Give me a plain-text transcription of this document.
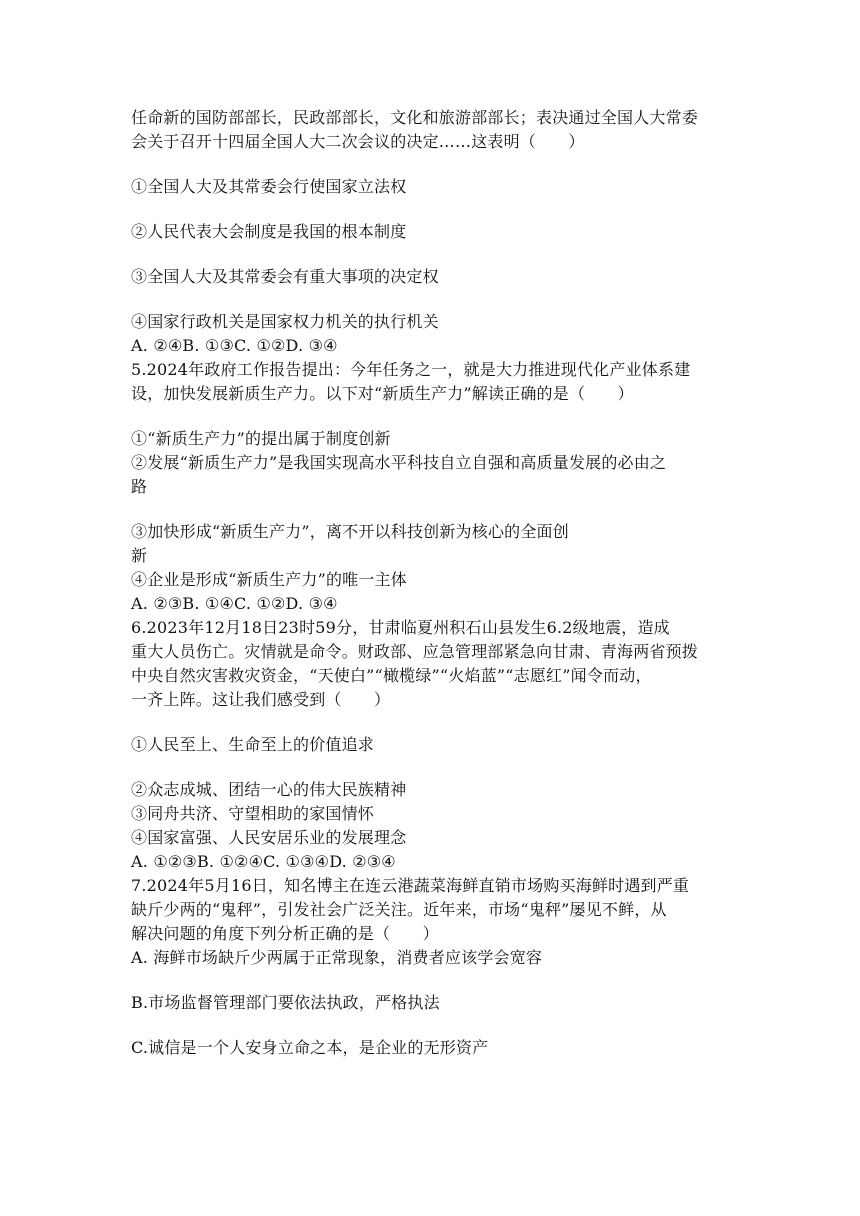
任命新的国防部部长，民政部部长，文化和旅游部部长；表决通过全国人大常委
会关于召开十四届全国人大二次会议的决定……这表明（　　）
①全国人大及其常委会行使国家立法权
②人民代表大会制度是我国的根本制度
③全国人大及其常委会有重大事项的决定权
④国家行政机关是国家权力机关的执行机关
A. ②④B. ①③C. ①②D. ③④
5.2024年政府工作报告提出：今年任务之一，就是大力推进现代化产业体系建
设，加快发展新质生产力。以下对“新质生产力”解读正确的是（　　）
①“新质生产力”的提出属于制度创新
②发展“新质生产力”是我国实现高水平科技自立自强和高质量发展的必由之
路
③加快形成“新质生产力”，离不开以科技创新为核心的全面创
新
④企业是形成“新质生产力”的唯一主体
A. ②③B. ①④C. ①②D. ③④
6.2023年12月18日23时59分，甘肃临夏州积石山县发生6.2级地震，造成
重大人员伤亡。灾情就是命令。财政部、应急管理部紧急向甘肃、青海两省预拨
中央自然灾害救灾资金，“天使白”“橄榄绿”“火焰蓝”“志愿红”闻令而动，
一齐上阵。这让我们感受到（　　）
①人民至上、生命至上的价值追求
②众志成城、团结一心的伟大民族精神
③同舟共济、守望相助的家国情怀
④国家富强、人民安居乐业的发展理念
A. ①②③B. ①②④C. ①③④D. ②③④
7.2024年5月16日，知名博主在连云港蔬菜海鲜直销市场购买海鲜时遇到严重
缺斤少两的“鬼秤”，引发社会广泛关注。近年来，市场“鬼秤”屡见不鲜，从
解决问题的角度下列分析正确的是（　　）
A. 海鲜市场缺斤少两属于正常现象，消费者应该学会宽容
B.市场监督管理部门要依法执政，严格执法
C.诚信是一个人安身立命之本，是企业的无形资产
